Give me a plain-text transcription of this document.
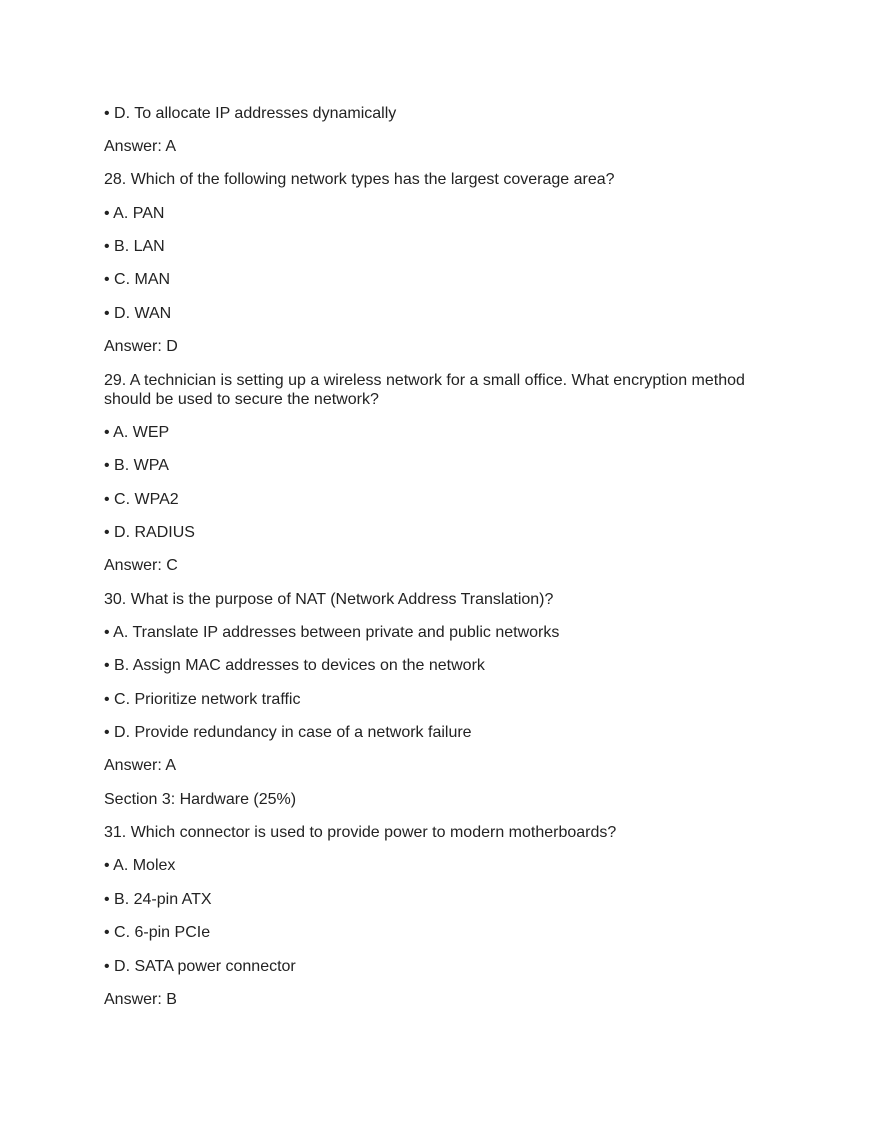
• D. To allocate IP addresses dynamically
Answer: A
28. Which of the following network types has the largest coverage area?
• A. PAN
• B. LAN
• C. MAN
• D. WAN
Answer: D
29. A technician is setting up a wireless network for a small office. What encryption method should be used to secure the network?
• A. WEP
• B. WPA
• C. WPA2
• D. RADIUS
Answer: C
30. What is the purpose of NAT (Network Address Translation)?
• A. Translate IP addresses between private and public networks
• B. Assign MAC addresses to devices on the network
• C. Prioritize network traffic
• D. Provide redundancy in case of a network failure
Answer: A
Section 3: Hardware (25%)
31. Which connector is used to provide power to modern motherboards?
• A. Molex
• B. 24-pin ATX
• C. 6-pin PCIe
• D. SATA power connector
Answer: B
